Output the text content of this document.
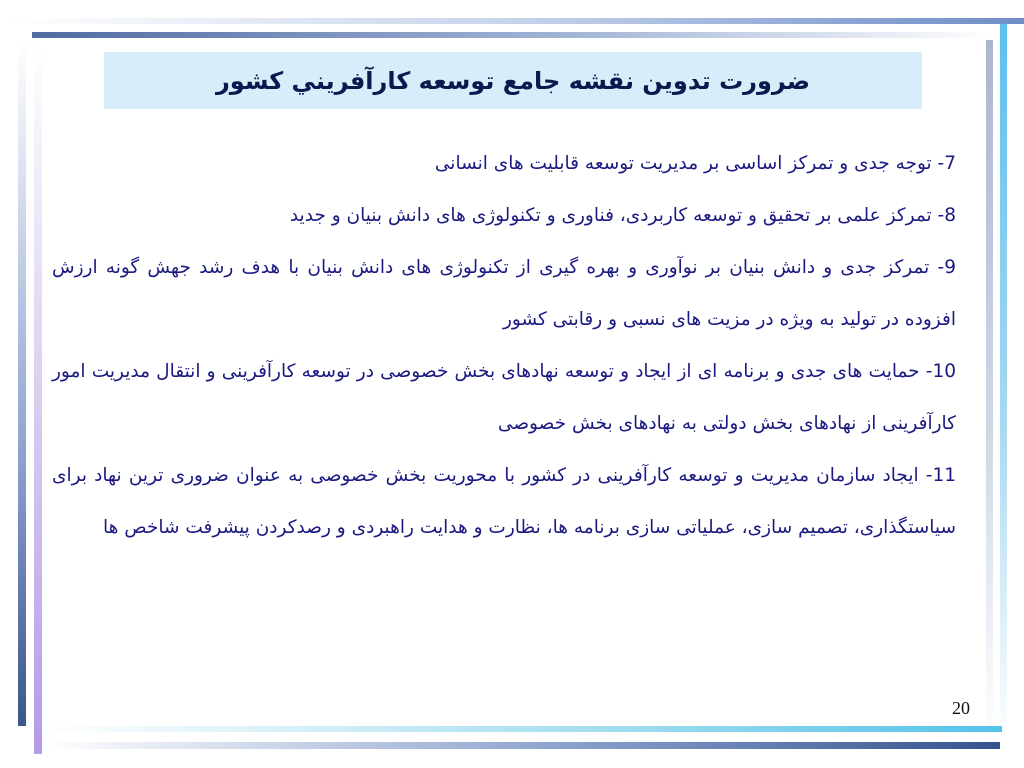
ضرورت تدوين نقشه جامع توسعه كارآفريني كشور

7- توجه جدی و تمرکز اساسی بر مدیریت توسعه قابلیت های انسانی

8- تمرکز علمی بر تحقیق و توسعه کاربردی، فناوری و تکنولوژی های دانش بنیان و جدید

9- تمرکز جدی و دانش بنیان بر نوآوری و بهره گیری از تکنولوژی های دانش بنیان با هدف رشد جهش گونه ارزش افزوده در تولید به ویژه در مزیت های نسبی و رقابتی کشور

10- حمایت های جدی و برنامه ای از ایجاد و توسعه نهادهای بخش خصوصی در توسعه کارآفرینی و انتقال مدیریت امور کارآفرینی از نهادهای بخش دولتی به نهادهای بخش خصوصی

11- ایجاد سازمان مدیریت و توسعه کارآفرینی در کشور با محوریت بخش خصوصی به عنوان ضروری ترین نهاد برای سیاستگذاری، تصمیم سازی، عملیاتی سازی برنامه ها، نظارت و هدایت راهبردی و رصدکردن پیشرفت شاخص ها

20
